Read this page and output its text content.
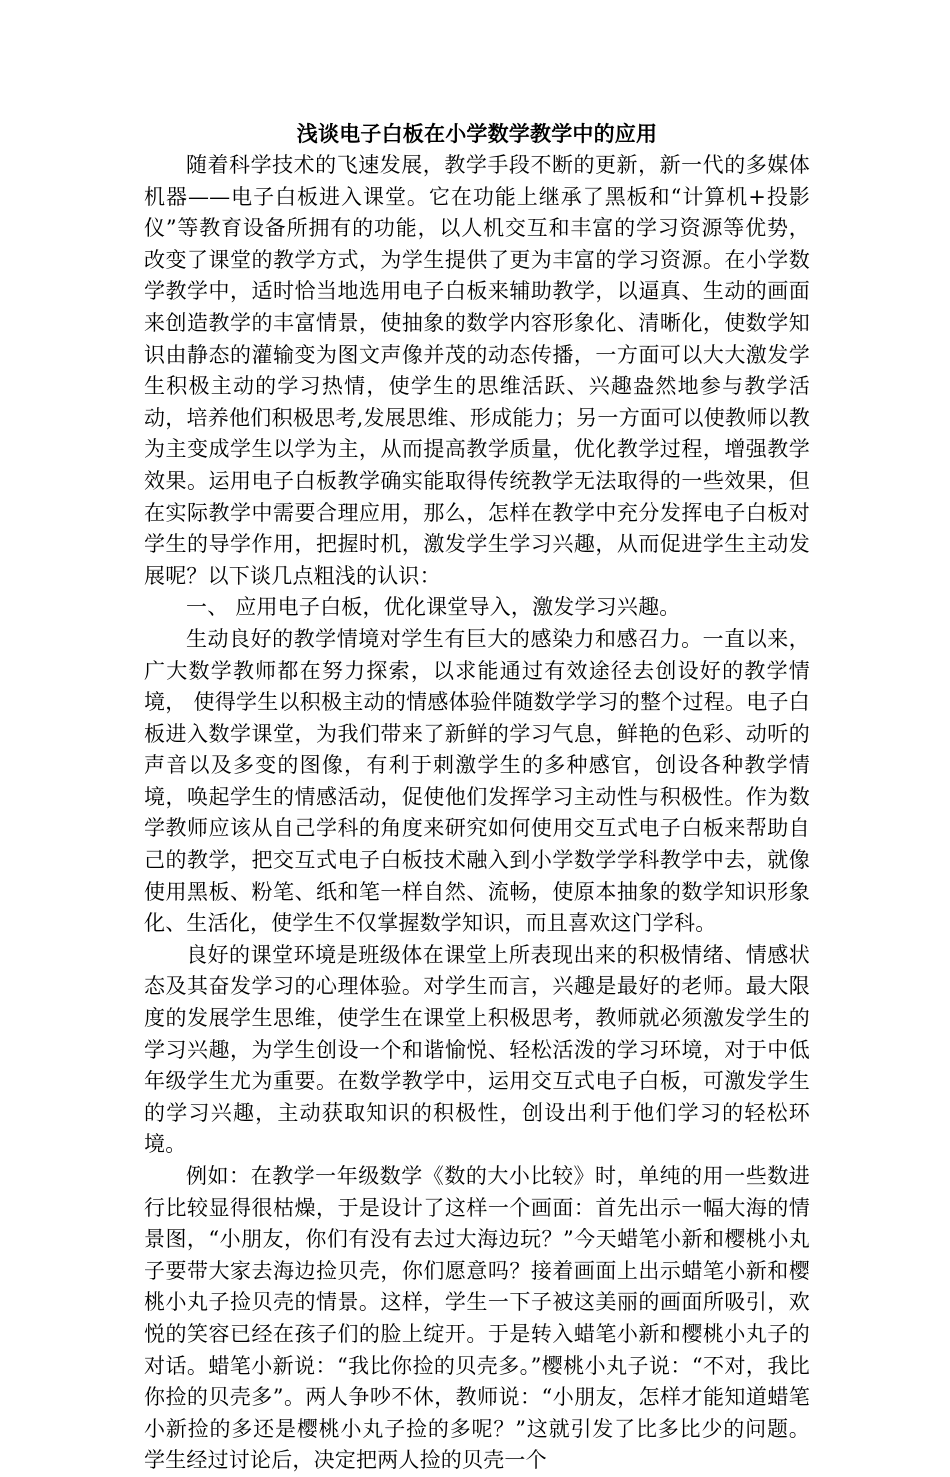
浅谈电子白板在小学数学教学中的应用

随着科学技术的飞速发展，教学手段不断的更新，新一代的多媒体机器——电子白板进入课堂。它在功能上继承了黑板和“计算机+投影仪”等教育设备所拥有的功能，以人机交互和丰富的学习资源等优势，改变了课堂的教学方式，为学生提供了更为丰富的学习资源。在小学数学教学中，适时恰当地选用电子白板来辅助教学，以逼真、生动的画面来创造教学的丰富情景，使抽象的数学内容形象化、清晰化，使数学知识由静态的灌输变为图文声像并茂的动态传播，一方面可以大大激发学生积极主动的学习热情，使学生的思维活跃、兴趣盎然地参与教学活动，培养他们积极思考,发展思维、形成能力；另一方面可以使教师以教为主变成学生以学为主，从而提高教学质量，优化教学过程，增强教学效果。运用电子白板教学确实能取得传统教学无法取得的一些效果，但在实际教学中需要合理应用，那么，怎样在教学中充分发挥电子白板对学生的导学作用，把握时机，激发学生学习兴趣，从而促进学生主动发展呢？以下谈几点粗浅的认识：

一、 应用电子白板，优化课堂导入，激发学习兴趣。

生动良好的教学情境对学生有巨大的感染力和感召力。一直以来，广大数学教师都在努力探索，以求能通过有效途径去创设好的教学情境， 使得学生以积极主动的情感体验伴随数学学习的整个过程。电子白板进入数学课堂，为我们带来了新鲜的学习气息，鲜艳的色彩、动听的声音以及多变的图像，有利于刺激学生的多种感官，创设各种教学情境，唤起学生的情感活动，促使他们发挥学习主动性与积极性。作为数学教师应该从自己学科的角度来研究如何使用交互式电子白板来帮助自己的教学，把交互式电子白板技术融入到小学数学学科教学中去，就像使用黑板、粉笔、纸和笔一样自然、流畅，使原本抽象的数学知识形象化、生活化，使学生不仅掌握数学知识，而且喜欢这门学科。

良好的课堂环境是班级体在课堂上所表现出来的积极情绪、情感状态及其奋发学习的心理体验。对学生而言，兴趣是最好的老师。最大限度的发展学生思维，使学生在课堂上积极思考，教师就必须激发学生的学习兴趣，为学生创设一个和谐愉悦、轻松活泼的学习环境，对于中低年级学生尤为重要。在数学教学中，运用交互式电子白板，可激发学生的学习兴趣，主动获取知识的积极性，创设出利于他们学习的轻松环境。

例如：在教学一年级数学《数的大小比较》时，单纯的用一些数进行比较显得很枯燥，于是设计了这样一个画面：首先出示一幅大海的情景图，“小朋友，你们有没有去过大海边玩？”今天蜡笔小新和樱桃小丸子要带大家去海边捡贝壳，你们愿意吗？接着画面上出示蜡笔小新和樱桃小丸子捡贝壳的情景。这样，学生一下子被这美丽的画面所吸引，欢悦的笑容已经在孩子们的脸上绽开。于是转入蜡笔小新和樱桃小丸子的对话。蜡笔小新说：“我比你捡的贝壳多。”樱桃小丸子说：“不对，我比你捡的贝壳多”。两人争吵不休，教师说：“小朋友，怎样才能知道蜡笔小新捡的多还是樱桃小丸子捡的多呢？”这就引发了比多比少的问题。学生经过讨论后，决定把两人捡的贝壳一个
